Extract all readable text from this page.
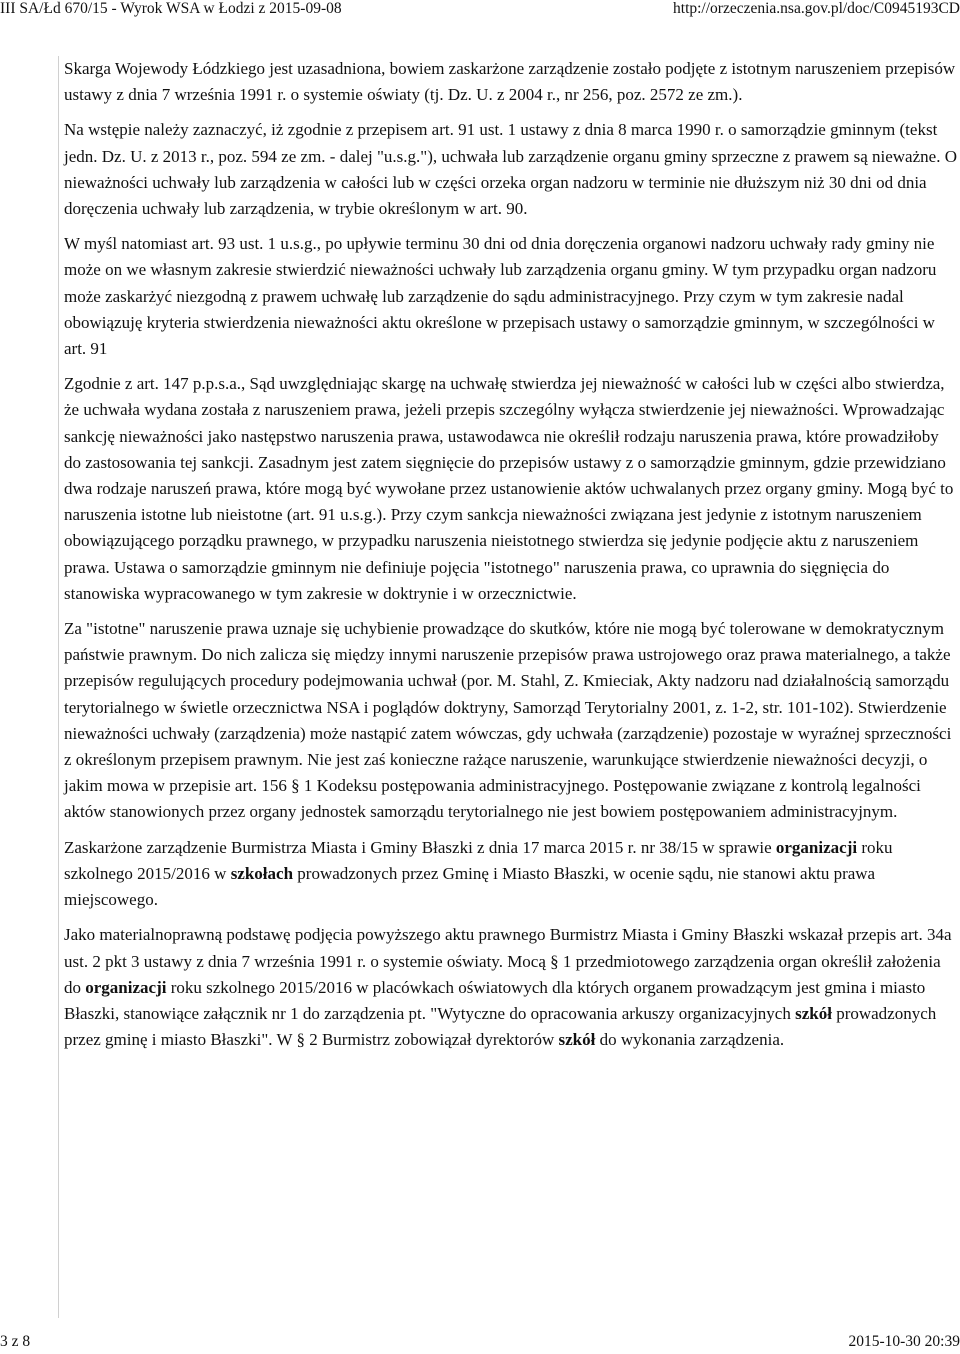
III SA/Łd 670/15 - Wyrok WSA w Łodzi z 2015-09-08	http://orzeczenia.nsa.gov.pl/doc/C0945193CD

Skarga Wojewody Łódzkiego jest uzasadniona, bowiem zaskarżone zarządzenie zostało podjęte z istotnym naruszeniem przepisów ustawy z dnia 7 września 1991 r. o systemie oświaty (tj. Dz. U. z 2004 r., nr 256, poz. 2572 ze zm.).

Na wstępie należy zaznaczyć, iż zgodnie z przepisem art. 91 ust. 1 ustawy z dnia 8 marca 1990 r. o samorządzie gminnym (tekst jedn. Dz. U. z 2013 r., poz. 594 ze zm. - dalej "u.s.g."), uchwała lub zarządzenie organu gminy sprzeczne z prawem są nieważne. O nieważności uchwały lub zarządzenia w całości lub w części orzeka organ nadzoru w terminie nie dłuższym niż 30 dni od dnia doręczenia uchwały lub zarządzenia, w trybie określonym w art. 90.

W myśl natomiast art. 93 ust. 1 u.s.g., po upływie terminu 30 dni od dnia doręczenia organowi nadzoru uchwały rady gminy nie może on we własnym zakresie stwierdzić nieważności uchwały lub zarządzenia organu gminy. W tym przypadku organ nadzoru może zaskarżyć niezgodną z prawem uchwałę lub zarządzenie do sądu administracyjnego. Przy czym w tym zakresie nadal obowiązuję kryteria stwierdzenia nieważności aktu określone w przepisach ustawy o samorządzie gminnym, w szczególności w art. 91

Zgodnie z art. 147 p.p.s.a., Sąd uwzględniając skargę na uchwałę stwierdza jej nieważność w całości lub w części albo stwierdza, że uchwała wydana została z naruszeniem prawa, jeżeli przepis szczególny wyłącza stwierdzenie jej nieważności. Wprowadzając sankcję nieważności jako następstwo naruszenia prawa, ustawodawca nie określił rodzaju naruszenia prawa, które prowadziłoby do zastosowania tej sankcji. Zasadnym jest zatem sięgnięcie do przepisów ustawy z o samorządzie gminnym, gdzie przewidziano dwa rodzaje naruszeń prawa, które mogą być wywołane przez ustanowienie aktów uchwalanych przez organy gminy. Mogą być to naruszenia istotne lub nieistotne (art. 91 u.s.g.). Przy czym sankcja nieważności związana jest jedynie z istotnym naruszeniem obowiązującego porządku prawnego, w przypadku naruszenia nieistotnego stwierdza się jedynie podjęcie aktu z naruszeniem prawa. Ustawa o samorządzie gminnym nie definiuje pojęcia "istotnego" naruszenia prawa, co uprawnia do sięgnięcia do stanowiska wypracowanego w tym zakresie w doktrynie i w orzecznictwie.

Za "istotne" naruszenie prawa uznaje się uchybienie prowadzące do skutków, które nie mogą być tolerowane w demokratycznym państwie prawnym. Do nich zalicza się między innymi naruszenie przepisów prawa ustrojowego oraz prawa materialnego, a także przepisów regulujących procedury podejmowania uchwał (por. M. Stahl, Z. Kmieciak, Akty nadzoru nad działalnością samorządu terytorialnego w świetle orzecznictwa NSA i poglądów doktryny, Samorząd Terytorialny 2001, z. 1-2, str. 101-102). Stwierdzenie nieważności uchwały (zarządzenia) może nastąpić zatem wówczas, gdy uchwała (zarządzenie) pozostaje w wyraźnej sprzeczności z określonym przepisem prawnym. Nie jest zaś konieczne rażące naruszenie, warunkujące stwierdzenie nieważności decyzji, o jakim mowa w przepisie art. 156 § 1 Kodeksu postępowania administracyjnego. Postępowanie związane z kontrolą legalności aktów stanowionych przez organy jednostek samorządu terytorialnego nie jest bowiem postępowaniem administracyjnym.

Zaskarżone zarządzenie Burmistrza Miasta i Gminy Błaszki z dnia 17 marca 2015 r. nr 38/15 w sprawie organizacji roku szkolnego 2015/2016 w szkołach prowadzonych przez Gminę i Miasto Błaszki, w ocenie sądu, nie stanowi aktu prawa miejscowego.

Jako materialnoprawną podstawę podjęcia powyższego aktu prawnego Burmistrz Miasta i Gminy Błaszki wskazał przepis art. 34a ust. 2 pkt 3 ustawy z dnia 7 września 1991 r. o systemie oświaty. Mocą § 1 przedmiotowego zarządzenia organ określił założenia do organizacji roku szkolnego 2015/2016 w placówkach oświatowych dla których organem prowadzącym jest gmina i miasto Błaszki, stanowiące załącznik nr 1 do zarządzenia pt. "Wytyczne do opracowania arkuszy organizacyjnych szkół prowadzonych przez gminę i miasto Błaszki". W § 2 Burmistrz zobowiązał dyrektorów szkół do wykonania zarządzenia.

3 z 8	2015-10-30 20:39
